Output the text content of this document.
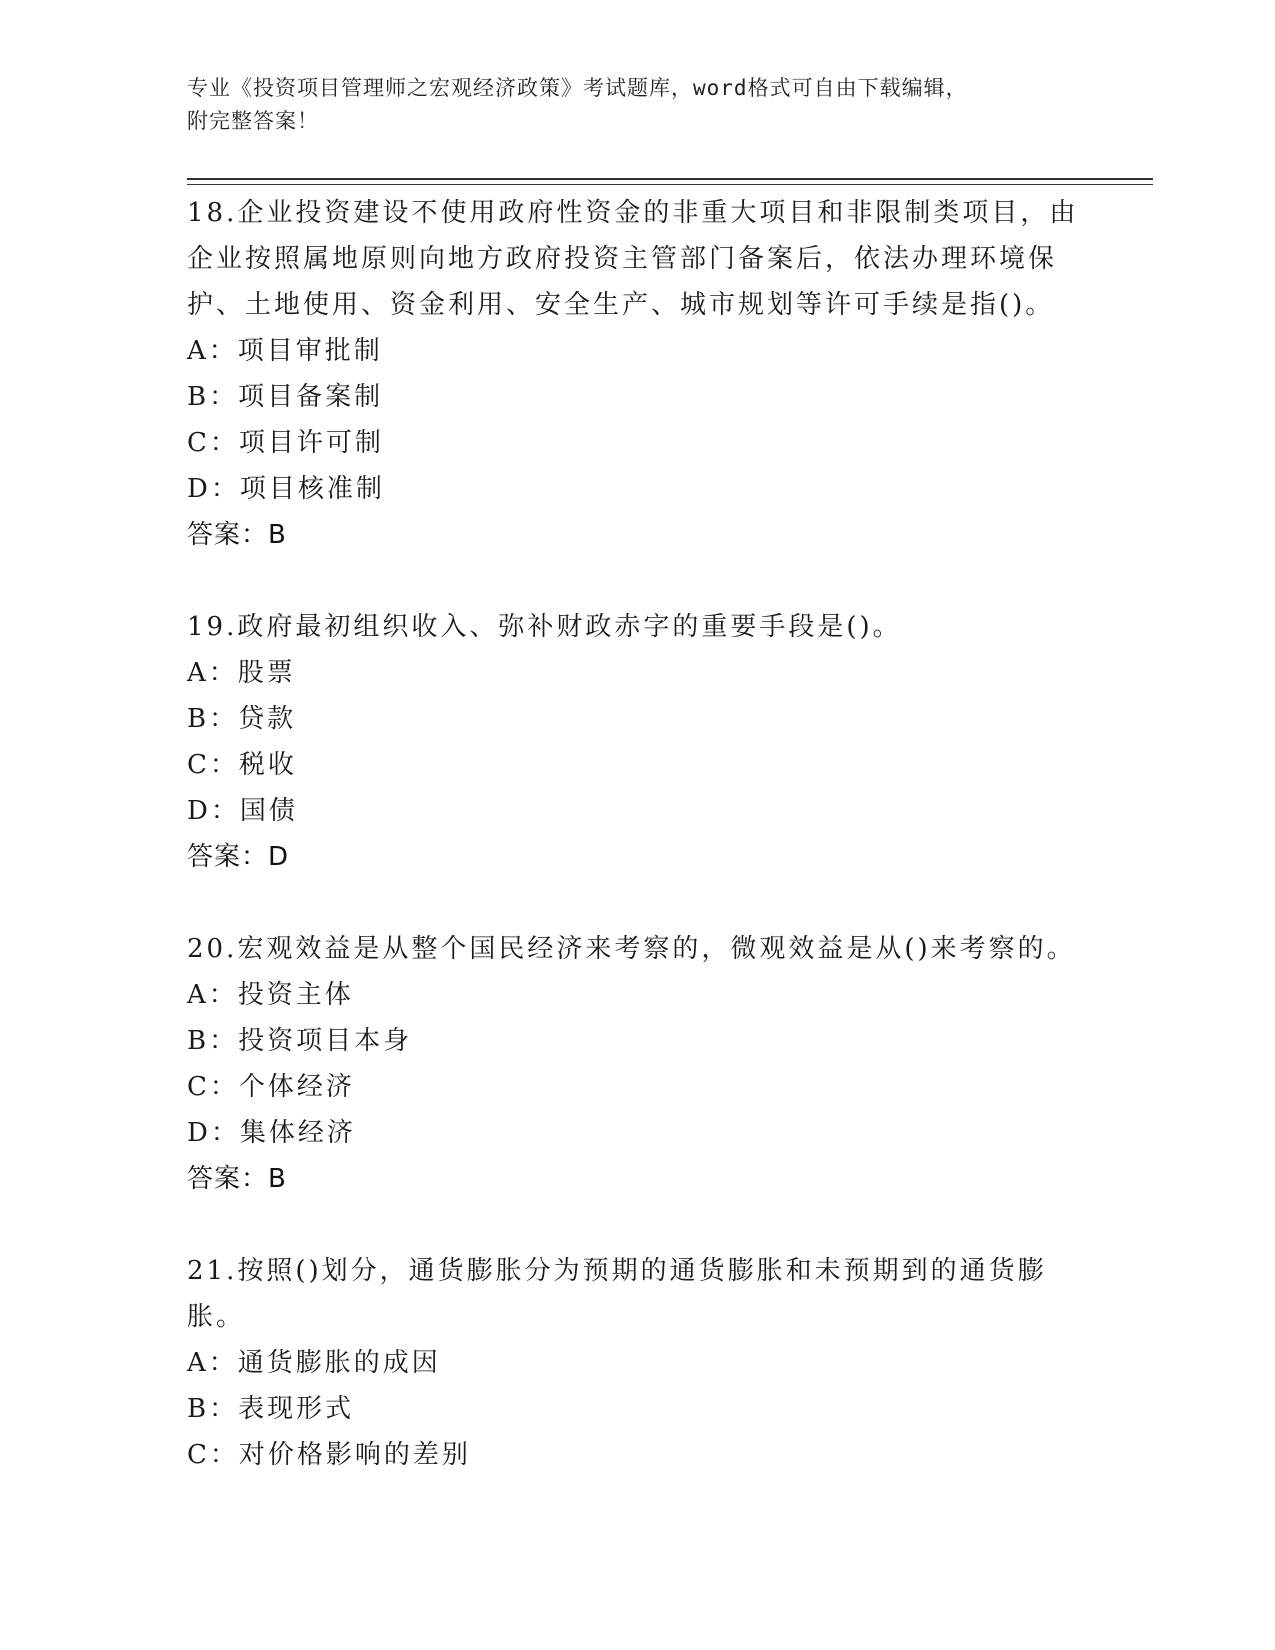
专业《投资项目管理师之宏观经济政策》考试题库，word格式可自由下载编辑，
附完整答案！

18.企业投资建设不使用政府性资金的非重大项目和非限制类项目，由企业按照属地原则向地方政府投资主管部门备案后，依法办理环境保护、土地使用、资金利用、安全生产、城市规划等许可手续是指()。

A：项目审批制

B：项目备案制

C：项目许可制

D：项目核准制

答案：B

19.政府最初组织收入、弥补财政赤字的重要手段是()。

A：股票

B：贷款

C：税收

D：国债

答案：D

20.宏观效益是从整个国民经济来考察的，微观效益是从()来考察的。

A：投资主体

B：投资项目本身

C：个体经济

D：集体经济

答案：B

21.按照()划分，通货膨胀分为预期的通货膨胀和未预期到的通货膨胀。

A：通货膨胀的成因

B：表现形式

C：对价格影响的差别
